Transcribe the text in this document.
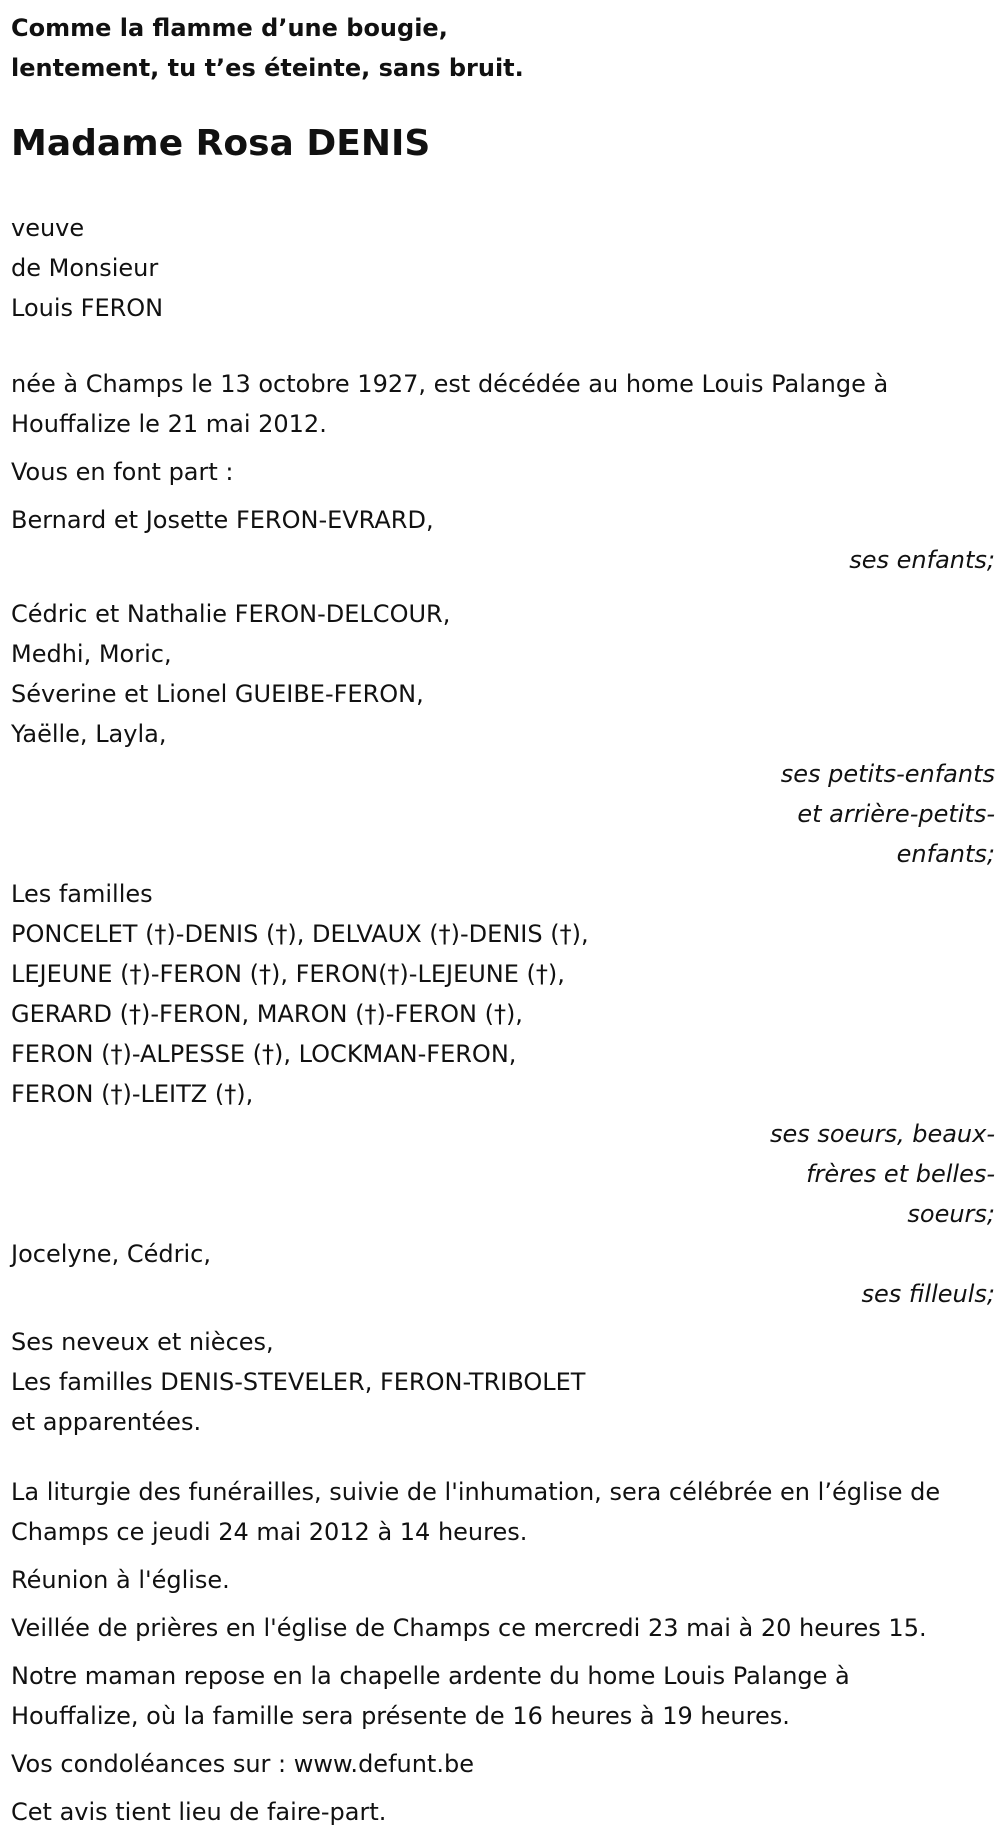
Comme la flamme d’une bougie,
lentement, tu t’es éteinte, sans bruit.
Madame Rosa DENIS
veuve
de Monsieur
Louis FERON
née à Champs le 13 octobre 1927, est décédée au home Louis Palange à Houffalize le 21 mai 2012.
Vous en font part :
Bernard et Josette FERON-EVRARD,
ses enfants;
Cédric et Nathalie FERON-DELCOUR,
Medhi, Moric,
Séverine et Lionel GUEIBE-FERON,
Yaëlle, Layla,
ses petits-enfants
et arrière-petits-
enfants;
Les familles
PONCELET (†)-DENIS (†), DELVAUX (†)-DENIS (†),
LEJEUNE (†)-FERON (†), FERON(†)-LEJEUNE (†),
GERARD (†)-FERON, MARON (†)-FERON (†),
FERON (†)-ALPESSE (†), LOCKMAN-FERON,
FERON (†)-LEITZ (†),
ses soeurs, beaux-
frères et belles-
soeurs;
Jocelyne, Cédric,
ses filleuls;
Ses neveux et nièces,
Les familles DENIS-STEVELER, FERON-TRIBOLET
et apparentées.
La liturgie des funérailles, suivie de l'inhumation, sera célébrée en l’église de Champs ce jeudi 24 mai 2012 à 14 heures.
Réunion à l'église.
Veillée de prières en l'église de Champs ce mercredi 23 mai à 20 heures 15.
Notre maman repose en la chapelle ardente du home Louis Palange à Houffalize, où la famille sera présente de 16 heures à 19 heures.
Vos condoléances sur : www.defunt.be
Cet avis tient lieu de faire-part.
